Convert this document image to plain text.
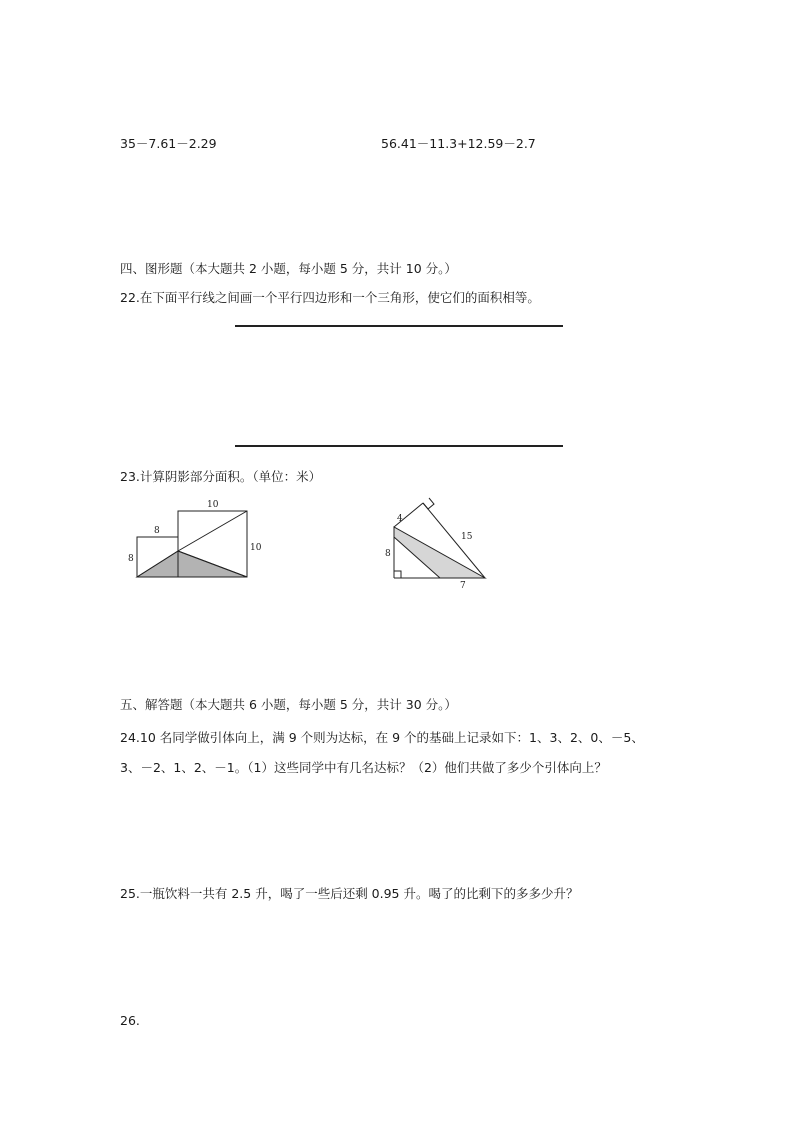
35－7.61－2.29	56.41－11.3+12.59－2.7
四、图形题（本大题共 2 小题，每小题 5 分，共计 10 分。）
22.在下面平行线之间画一个平行四边形和一个三角形，使它们的面积相等。
23.计算阴影部分面积。（单位：米）
8
8
10
10
4
15
8
7
五、解答题（本大题共 6 小题，每小题 5 分，共计 30 分。）
24.10 名同学做引体向上，满 9 个则为达标，在 9 个的基础上记录如下：1、3、2、0、－5、
3、－2、1、2、－1。（1）这些同学中有几名达标？（2）他们共做了多少个引体向上？
25.一瓶饮料一共有 2.5 升，喝了一些后还剩 0.95 升。喝了的比剩下的多多少升？
26.
